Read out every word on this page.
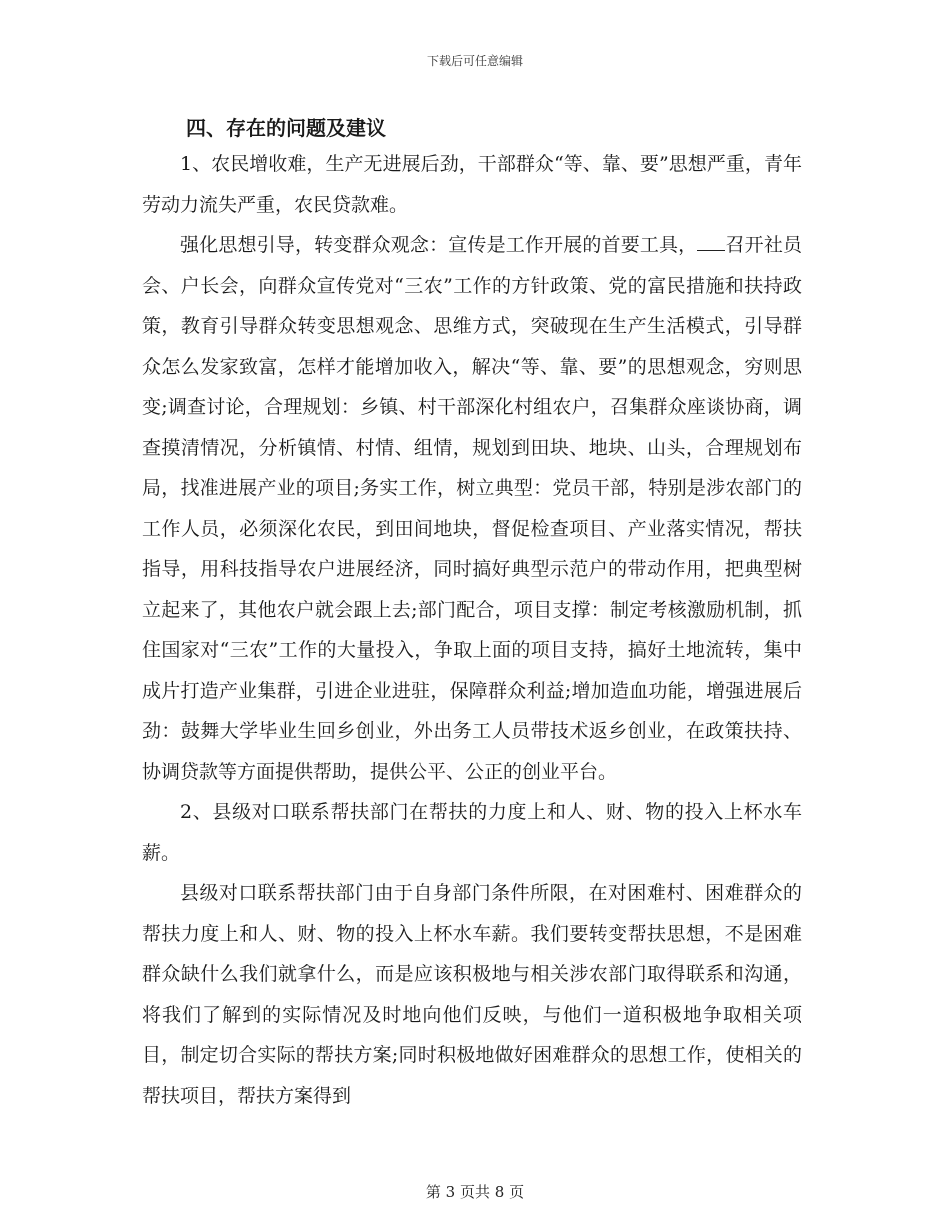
下载后可任意编辑
四、存在的问题及建议

1、农民增收难，生产无进展后劲，干部群众“等、靠、要”思想严重，青年劳动力流失严重，农民贷款难。

强化思想引导，转变群众观念：宣传是工作开展的首要工具， 召开社员会、户长会，向群众宣传党对“三农”工作的方针政策、党的富民措施和扶持政策，教育引导群众转变思想观念、思维方式，突破现在生产生活模式，引导群众怎么发家致富，怎样才能增加收入，解决“等、靠、要”的思想观念，穷则思变;调查讨论，合理规划：乡镇、村干部深化村组农户，召集群众座谈协商，调查摸清情况，分析镇情、村情、组情，规划到田块、地块、山头，合理规划布局，找准进展产业的项目;务实工作，树立典型：党员干部，特别是涉农部门的工作人员，必须深化农民，到田间地块，督促检查项目、产业落实情况，帮扶指导，用科技指导农户进展经济，同时搞好典型示范户的带动作用，把典型树立起来了，其他农户就会跟上去;部门配合，项目支撑：制定考核激励机制，抓住国家对“三农”工作的大量投入，争取上面的项目支持，搞好土地流转，集中成片打造产业集群，引进企业进驻，保障群众利益;增加造血功能，增强进展后劲：鼓舞大学毕业生回乡创业，外出务工人员带技术返乡创业，在政策扶持、协调贷款等方面提供帮助，提供公平、公正的创业平台。

2、县级对口联系帮扶部门在帮扶的力度上和人、财、物的投入上杯水车薪。

县级对口联系帮扶部门由于自身部门条件所限，在对困难村、困难群众的帮扶力度上和人、财、物的投入上杯水车薪。我们要转变帮扶思想，不是困难群众缺什么我们就拿什么，而是应该积极地与相关涉农部门取得联系和沟通，将我们了解到的实际情况及时地向他们反映，与他们一道积极地争取相关项目，制定切合实际的帮扶方案;同时积极地做好困难群众的思想工作，使相关的帮扶项目，帮扶方案得到

第 3 页共 8 页
